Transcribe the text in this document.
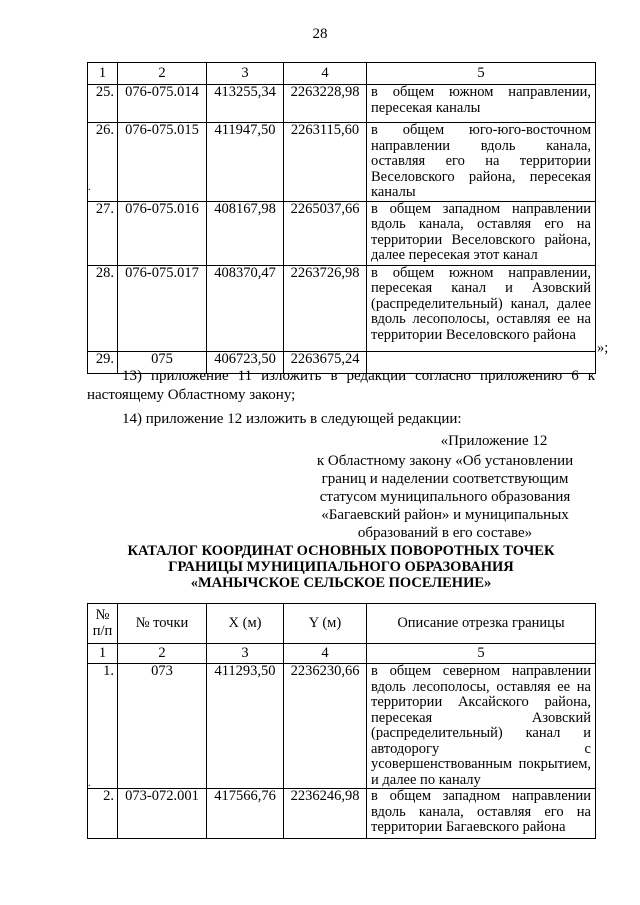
28
1	2	3	4	5
25.	076-075.014	413255,34	2263228,98	в общем южном направлении, пересекая каналы
26.	076-075.015	411947,50	2263115,60	в общем юго-юго-восточном направлении вдоль канала, оставляя его на территории Веселовского района, пересекая каналы
27.	076-075.016	408167,98	2265037,66	в общем западном направлении вдоль канала, оставляя его на территории Веселовского района, далее пересекая этот канал
28.	076-075.017	408370,47	2263726,98	в общем южном направлении, пересекая канал и Азовский (распределительный) канал, далее вдоль лесополосы, оставляя ее на территории Веселовского района
29.	075	406723,50	2263675,24	
»;
.
.
13) приложение 11 изложить в редакции согласно приложению 6 к настоящему Областному закону;
14) приложение 12 изложить в следующей редакции:
«Приложение 12
к Областному закону «Об установлении границ и наделении соответствующим статусом муниципального образования «Багаевский район» и муниципальных образований в его составе»
КАТАЛОГ КООРДИНАТ ОСНОВНЫХ ПОВОРОТНЫХ ТОЧЕК
ГРАНИЦЫ МУНИЦИПАЛЬНОГО ОБРАЗОВАНИЯ
«МАНЫЧСКОЕ СЕЛЬСКОЕ ПОСЕЛЕНИЕ»
№ п/п	№ точки	X (м)	Y (м)	Описание отрезка границы
1	2	3	4	5
1.	073	411293,50	2236230,66	в общем северном направлении вдоль лесополосы, оставляя ее на территории Аксайского района, пересекая Азовский (распределительный) канал и автодорогу с усовершенствованным покрытием, и далее по каналу
2.	073-072.001	417566,76	2236246,98	в общем западном направлении вдоль канала, оставляя его на территории Багаевского района
